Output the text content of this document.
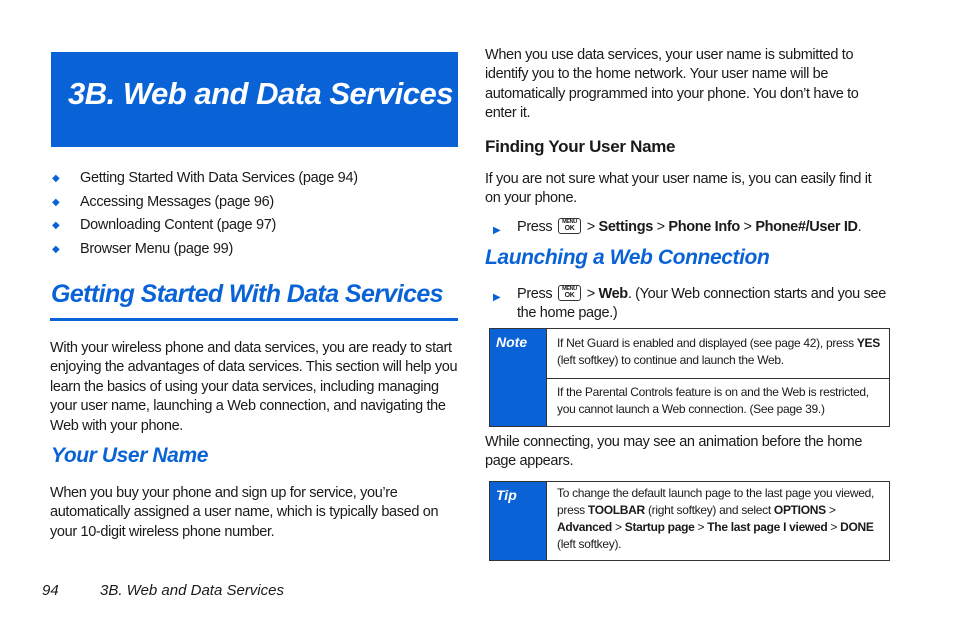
3B. Web and Data Services
◆ Getting Started With Data Services (page 94)
◆ Accessing Messages (page 96)
◆ Downloading Content (page 97)
◆ Browser Menu (page 99)
Getting Started With Data Services

With your wireless phone and data services, you are ready to start enjoying the advantages of data services. This section will help you learn the basics of using your data services, including managing your user name, launching a Web connection, and navigating the Web with your phone.

Your User Name

When you buy your phone and sign up for service, you’re automatically assigned a user name, which is typically based on your 10-digit wireless phone number.

94	3B. Web and Data Services

When you use data services, your user name is submitted to identify you to the home network. Your user name will be automatically programmed into your phone. You don’t have to enter it.

Finding Your User Name

If you are not sure what your user name is, you can easily find it on your phone.

▶ Press	MENU
OK > Settings > Phone Info > Phone#/User ID.
Launching a Web Connection
▶ Press	MENU
OK > Web. (Your Web connection starts and you see the home page.)
Note	If Net Guard is enabled and displayed (see page 42), press YES (left softkey) to continue and launch the Web.
If the Parental Controls feature is on and the Web is restricted, you cannot launch a Web connection. (See page 39.)

While connecting, you may see an animation before the home page appears.

Tip	To change the default launch page to the last page you viewed, press TOOLBAR (right softkey) and select OPTIONS > Advanced > Startup page > The last page I viewed > DONE (left softkey).
